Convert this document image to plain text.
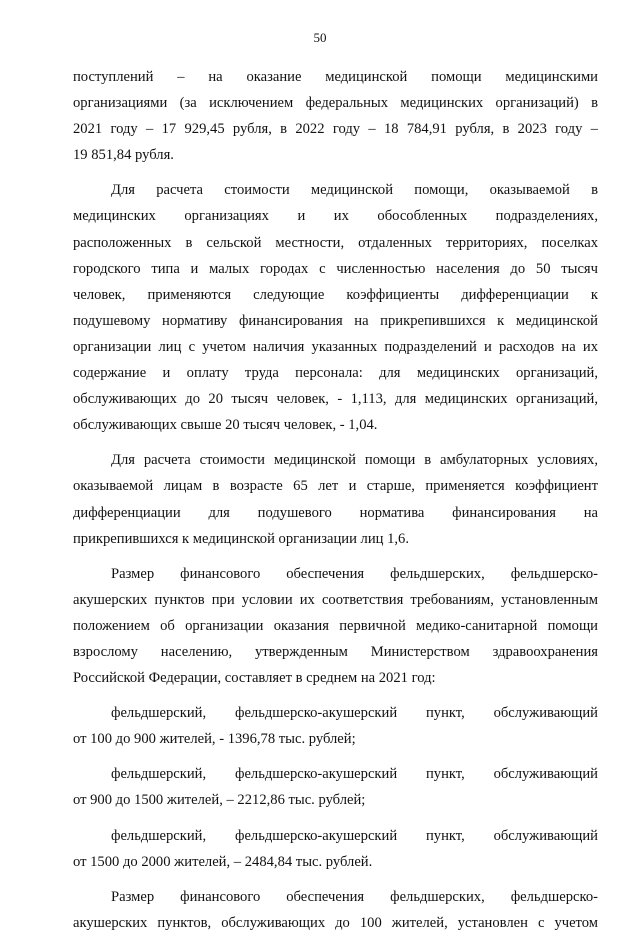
50
поступлений – на оказание медицинской помощи медицинскими
организациями (за исключением федеральных медицинских организаций) в
2021 году – 17 929,45 рубля, в 2022 году – 18 784,91 рубля, в 2023 году –
19 851,84 рубля.
Для расчета стоимости медицинской помощи, оказываемой в
медицинских организациях и их обособленных подразделениях,
расположенных в сельской местности, отдаленных территориях, поселках
городского типа и малых городах с численностью населения до 50 тысяч
человек, применяются следующие коэффициенты дифференциации к
подушевому нормативу финансирования на прикрепившихся к медицинской
организации лиц с учетом наличия указанных подразделений и расходов на их
содержание и оплату труда персонала: для медицинских организаций,
обслуживающих до 20 тысяч человек, - 1,113, для медицинских организаций,
обслуживающих свыше 20 тысяч человек, - 1,04.
Для расчета стоимости медицинской помощи в амбулаторных условиях,
оказываемой лицам в возрасте 65 лет и старше, применяется коэффициент
дифференциации для подушевого норматива финансирования на
прикрепившихся к медицинской организации лиц 1,6.
Размер финансового обеспечения фельдшерских, фельдшерско-
акушерских пунктов при условии их соответствия требованиям, установленным
положением об организации оказания первичной медико-санитарной помощи
взрослому населению, утвержденным Министерством здравоохранения
Российской Федерации, составляет в среднем на 2021 год:
фельдшерский, фельдшерско-акушерский пункт, обслуживающий
от 100 до 900 жителей, - 1396,78 тыс. рублей;
фельдшерский, фельдшерско-акушерский пункт, обслуживающий
от 900 до 1500 жителей, – 2212,86 тыс. рублей;
фельдшерский, фельдшерско-акушерский пункт, обслуживающий
от 1500 до 2000 жителей, – 2484,84 тыс. рублей.
Размер финансового обеспечения фельдшерских, фельдшерско-
акушерских пунктов, обслуживающих до 100 жителей, установлен с учетом
